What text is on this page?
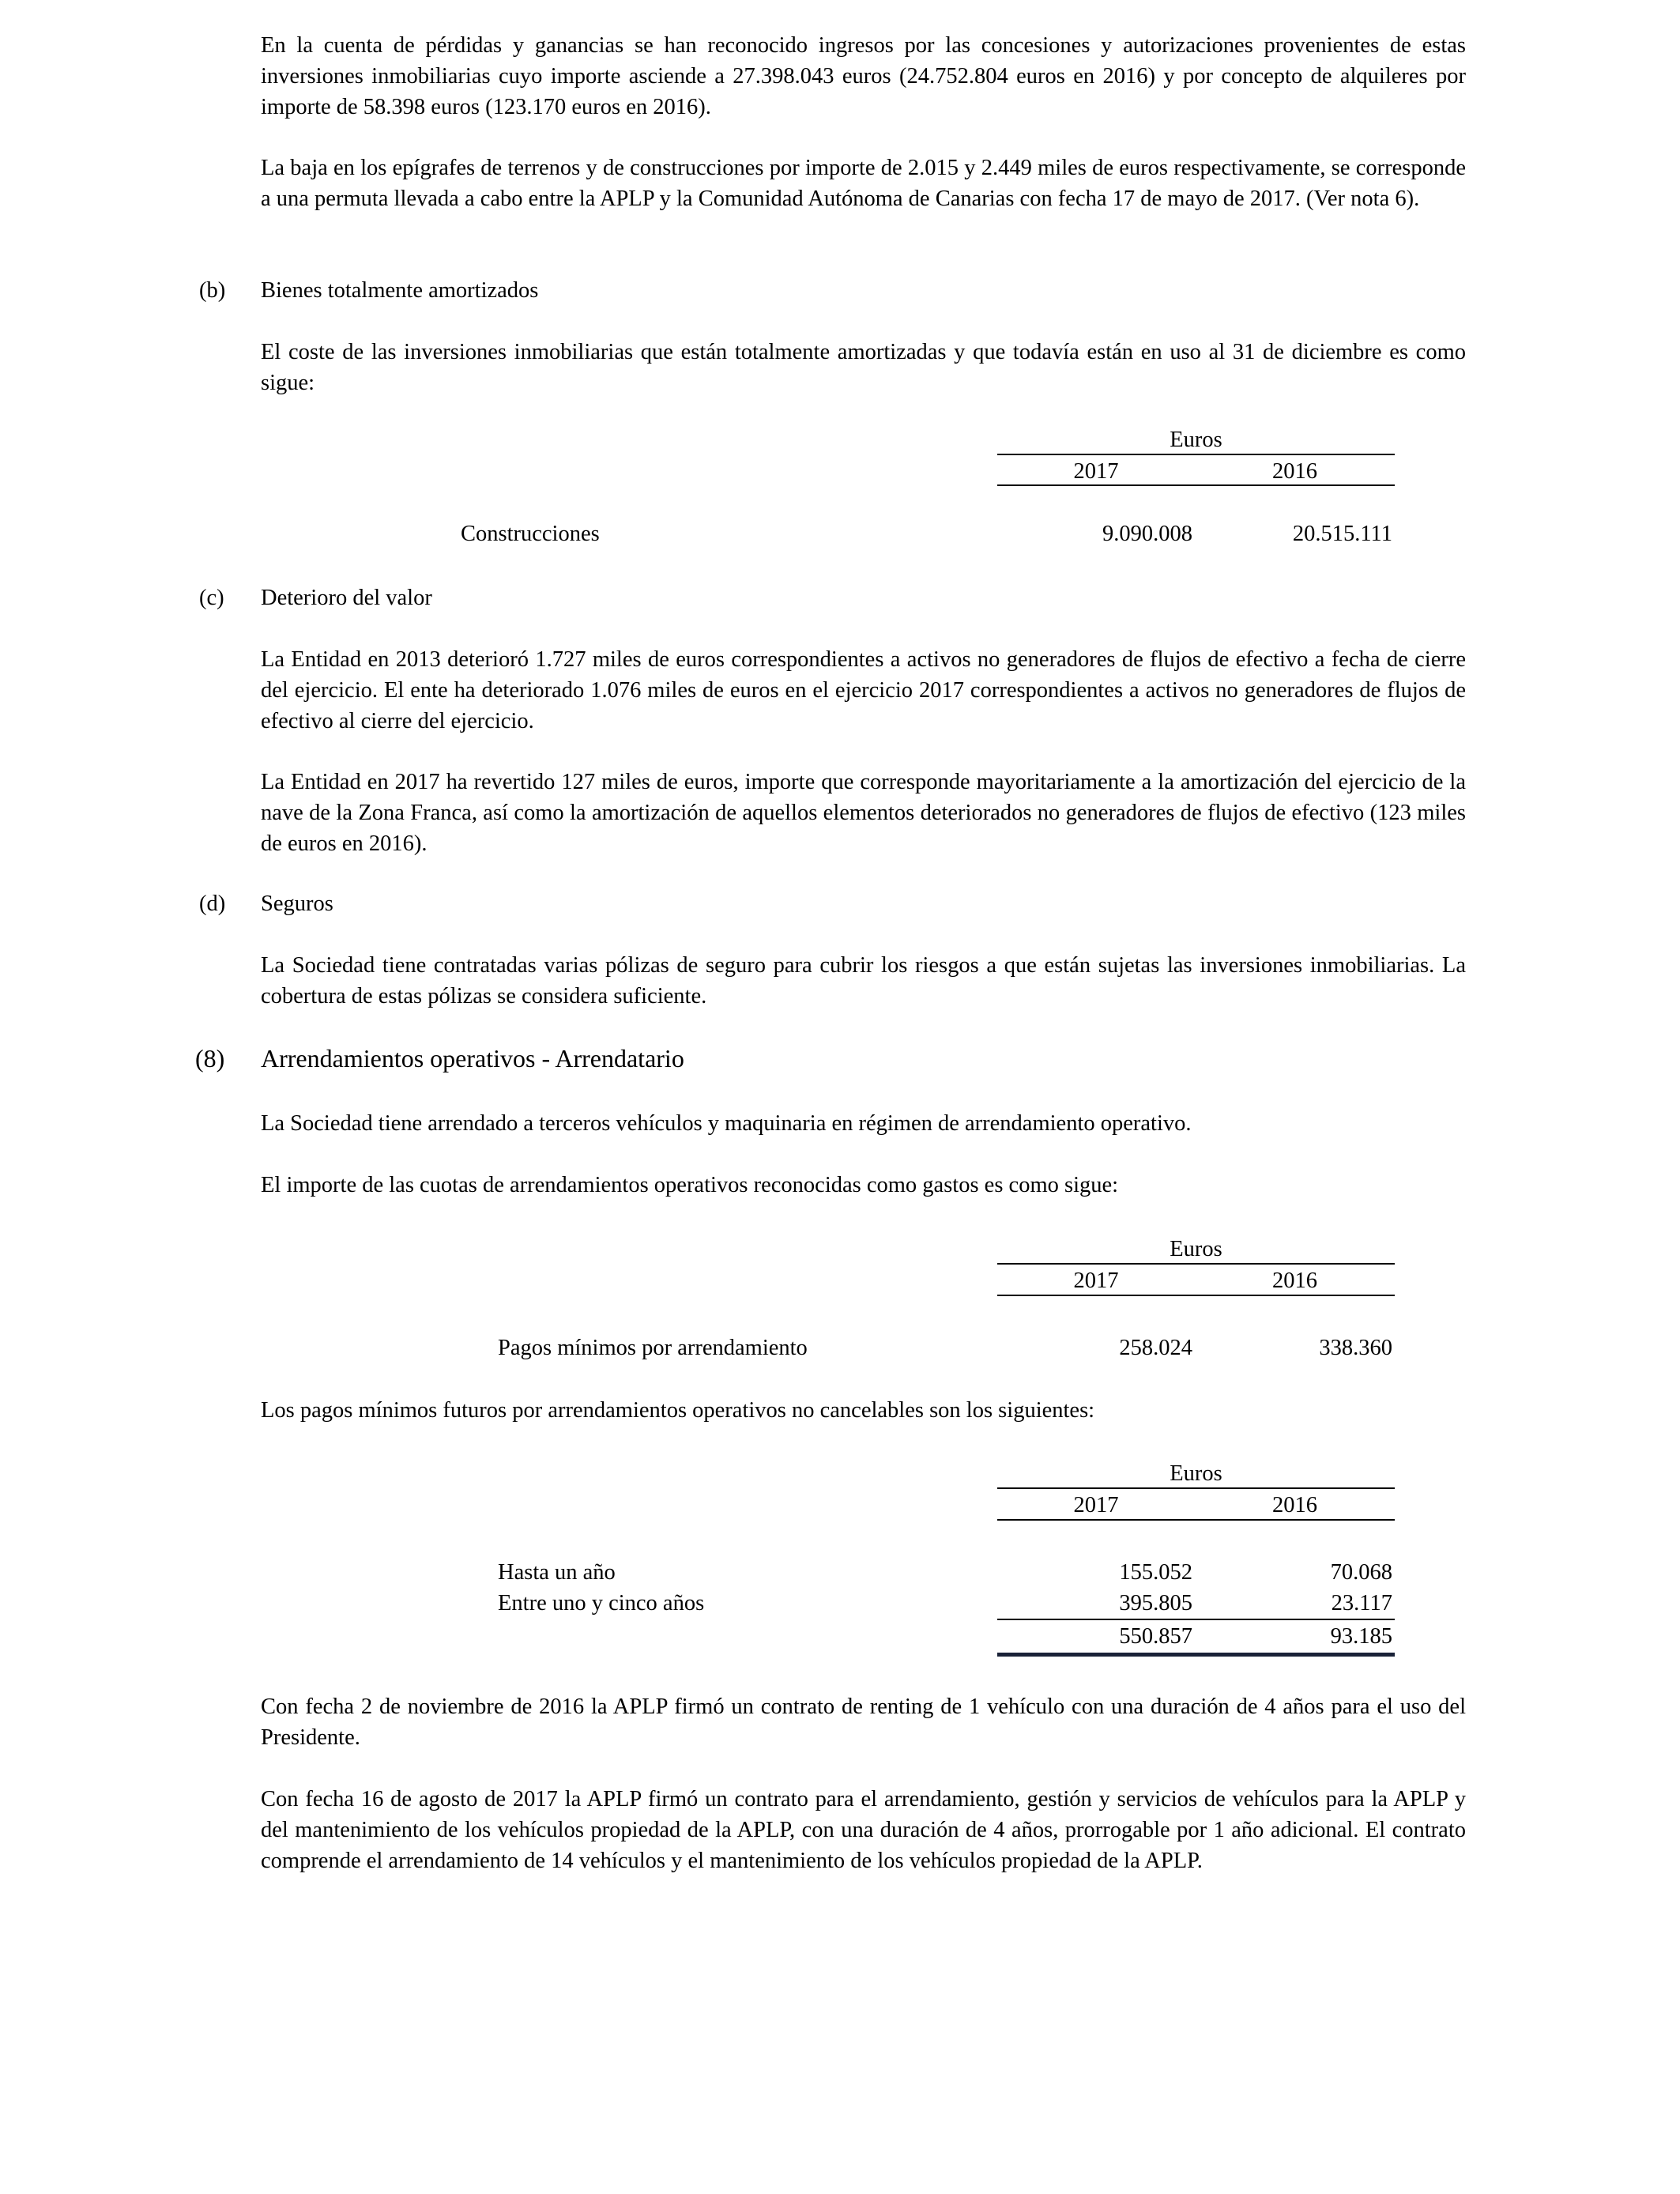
En la cuenta de pérdidas y ganancias se han reconocido ingresos por las concesiones y autorizaciones provenientes de estas inversiones inmobiliarias cuyo importe asciende a 27.398.043 euros (24.752.804 euros en 2016) y por concepto de alquileres por importe de 58.398 euros (123.170 euros en 2016).

La baja en los epígrafes de terrenos y de construcciones por importe de 2.015 y 2.449 miles de euros respectivamente, se corresponde a una permuta llevada a cabo entre la APLP y la Comunidad Autónoma de Canarias con fecha 17 de mayo de 2017. (Ver nota 6).

(b) Bienes totalmente amortizados

El coste de las inversiones inmobiliarias que están totalmente amortizadas y que todavía están en uso al 31 de diciembre es como sigue:

Euros
2017	2016
Construcciones	9.090.008	20.515.111
(c) Deterioro del valor

La Entidad en 2013 deterioró 1.727 miles de euros correspondientes a activos no generadores de flujos de efectivo a fecha de cierre del ejercicio. El ente ha deteriorado 1.076 miles de euros en el ejercicio 2017 correspondientes a activos no generadores de flujos de efectivo al cierre del ejercicio.

La Entidad en 2017 ha revertido 127 miles de euros, importe que corresponde mayoritariamente a la amortización del ejercicio de la nave de la Zona Franca, así como la amortización de aquellos elementos deteriorados no generadores de flujos de efectivo (123 miles de euros en 2016).

(d) Seguros

La Sociedad tiene contratadas varias pólizas de seguro para cubrir los riesgos a que están sujetas las inversiones inmobiliarias. La cobertura de estas pólizas se considera suficiente.

(8) Arrendamientos operativos - Arrendatario

La Sociedad tiene arrendado a terceros vehículos y maquinaria en régimen de arrendamiento operativo.

El importe de las cuotas de arrendamientos operativos reconocidas como gastos es como sigue:

Euros
2017	2016
Pagos mínimos por arrendamiento	258.024	338.360

Los pagos mínimos futuros por arrendamientos operativos no cancelables son los siguientes:

Euros
2017	2016
Hasta un año	155.052	70.068
Entre uno y cinco años	395.805	23.117
550.857	93.185

Con fecha 2 de noviembre de 2016 la APLP firmó un contrato de renting de 1 vehículo con una duración de 4 años para el uso del Presidente.

Con fecha 16 de agosto de 2017 la APLP firmó un contrato para el arrendamiento, gestión y servicios de vehículos para la APLP y del mantenimiento de los vehículos propiedad de la APLP, con una duración de 4 años, prorrogable por 1 año adicional. El contrato comprende el arrendamiento de 14 vehículos y el mantenimiento de los vehículos propiedad de la APLP.
